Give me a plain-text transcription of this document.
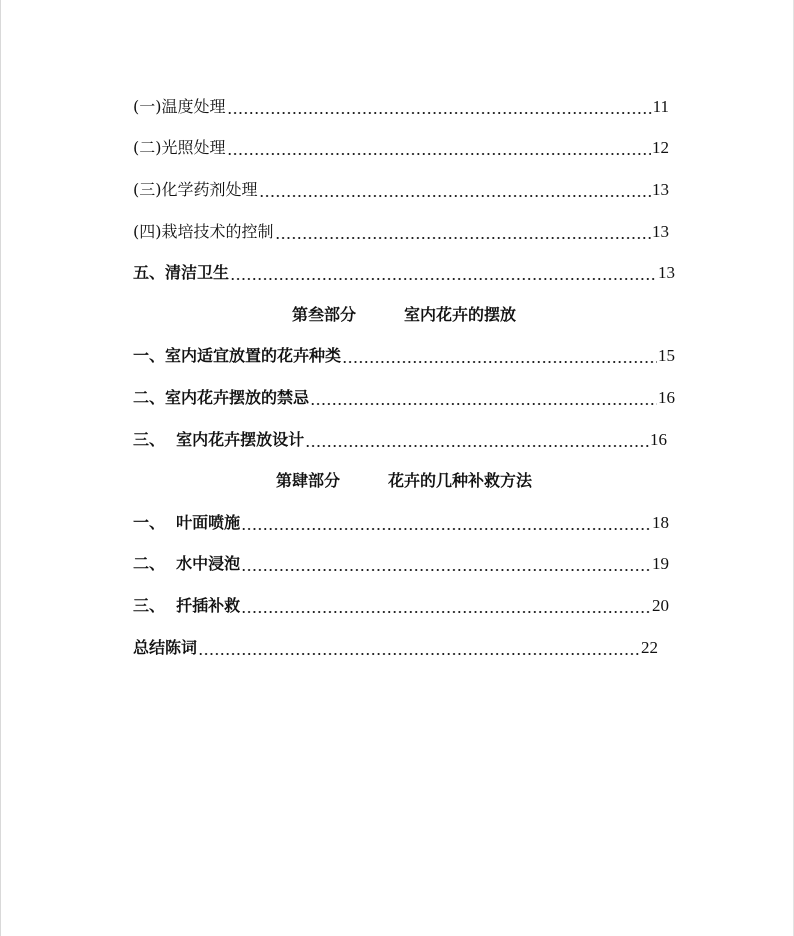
(一)温度处理	11
(二)光照处理	12
(三)化学药剂处理	13
(四)栽培技术的控制	13
五、清洁卫生	13
第叁部分	室内花卉的摆放
一、室内适宜放置的花卉种类	15
二、室内花卉摆放的禁忌	16
三、  室内花卉摆放设计	16
第肆部分	花卉的几种补救方法
一、  叶面喷施	18
二、  水中浸泡	19
三、  扦插补救	20
总结陈词	22
